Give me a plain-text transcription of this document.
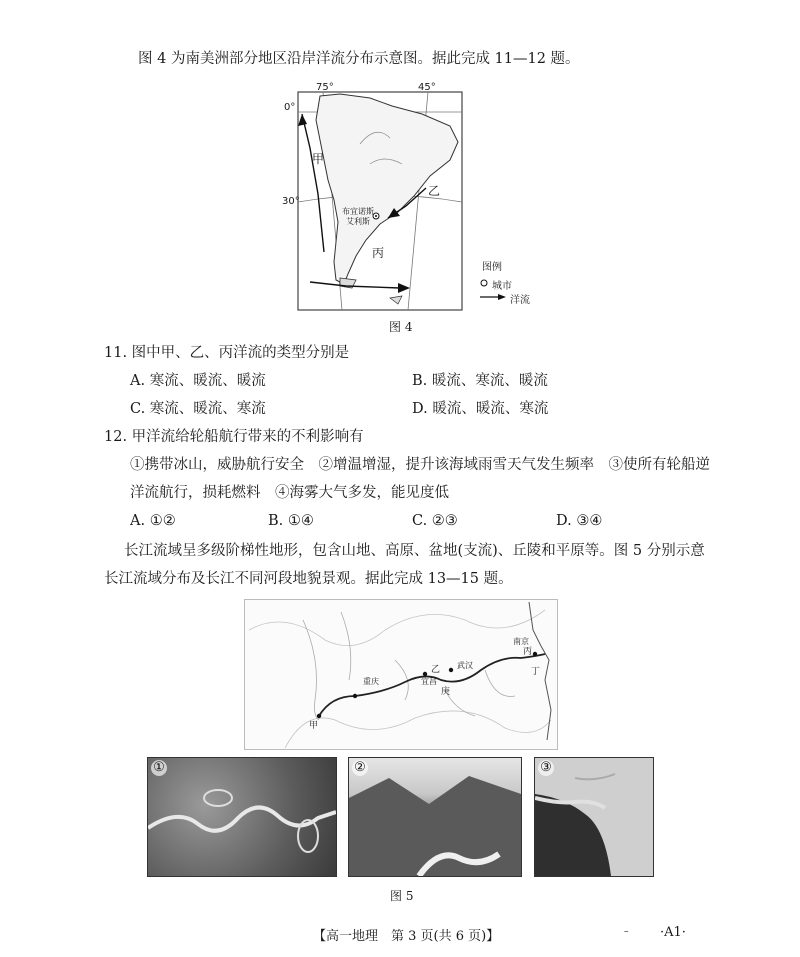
图 4 为南美洲部分地区沿岸洋流分布示意图。据此完成 11—12 题。
75°	45°
0°
30°
甲
乙
丙
布宜诺斯
艾利斯
图例
城市
洋流
图 4
11. 图中甲、乙、丙洋流的类型分别是
A. 寒流、暖流、暖流	B. 暖流、寒流、暖流
C. 寒流、暖流、寒流	D. 暖流、暖流、寒流
12. 甲洋流给轮船航行带来的不利影响有
①携带冰山，威胁航行安全　②增温增湿，提升该海域雨雪天气发生频率　③使所有轮船逆
洋流航行，损耗燃料　④海雾大气多发，能见度低
A. ①②	B. ①④	C. ②③	D. ③④
长江流域呈多级阶梯性地形，包含山地、高原、盆地(支流)、丘陵和平原等。图 5 分别示意
长江流域分布及长江不同河段地貌景观。据此完成 13—15 题。
重庆
武汉
宜昌
南京
甲
乙
丙
丁
庚
①	②	③
图 5
【高一地理　第 3 页(共 6 页)】	– ·A1·
